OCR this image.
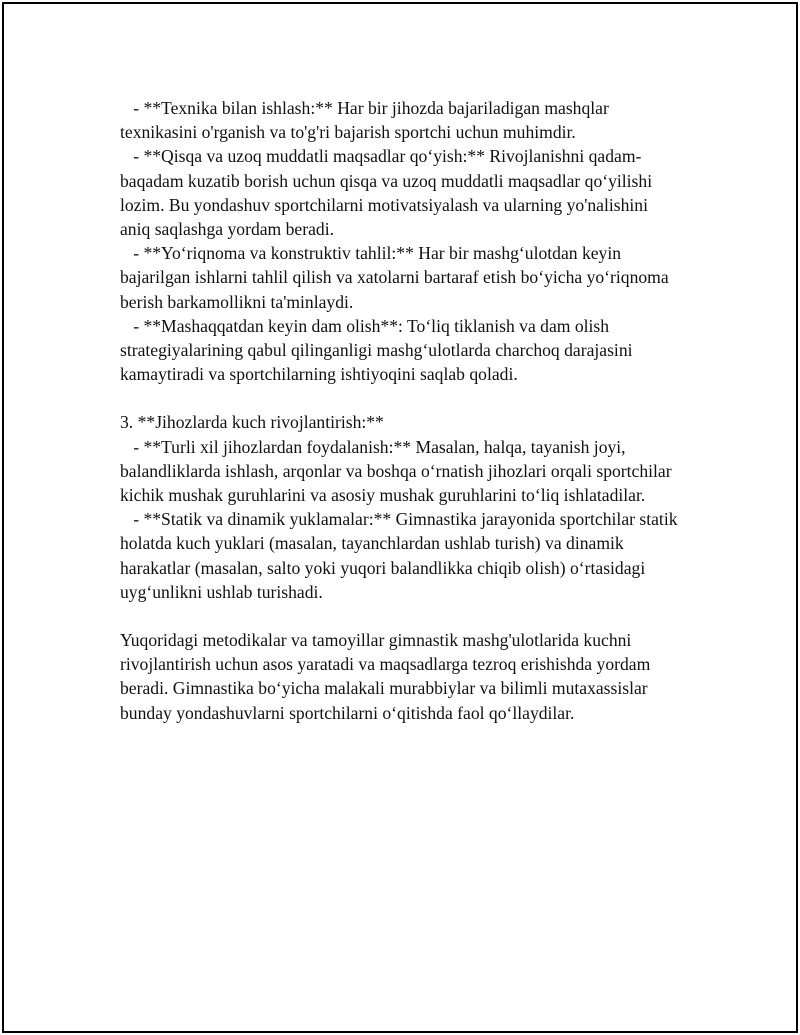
- **Texnika bilan ishlash:** Har bir jihozda bajariladigan mashqlar texnikasini o'rganish va to'g'ri bajarish sportchi uchun muhimdir.

- **Qisqa va uzoq muddatli maqsadlar qo‘yish:** Rivojlanishni qadam-baqadam kuzatib borish uchun qisqa va uzoq muddatli maqsadlar qo‘yilishi lozim. Bu yondashuv sportchilarni motivatsiyalash va ularning yo'nalishini aniq saqlashga yordam beradi.

- **Yo‘riqnoma va konstruktiv tahlil:** Har bir mashg‘ulotdan keyin bajarilgan ishlarni tahlil qilish va xatolarni bartaraf etish bo‘yicha yo‘riqnoma berish barkamollikni ta'minlaydi.

- **Mashaqqatdan keyin dam olish**: To‘liq tiklanish va dam olish strategiyalarining qabul qilinganligi mashg‘ulotlarda charchoq darajasini kamaytiradi va sportchilarning ishtiyoqini saqlab qoladi.

3. **Jihozlarda kuch rivojlantirish:**

- **Turli xil jihozlardan foydalanish:** Masalan, halqa, tayanish joyi, balandliklarda ishlash, arqonlar va boshqa o‘rnatish jihozlari orqali sportchilar kichik mushak guruhlarini va asosiy mushak guruhlarini to‘liq ishlatadilar.

- **Statik va dinamik yuklamalar:** Gimnastika jarayonida sportchilar statik holatda kuch yuklari (masalan, tayanchlardan ushlab turish) va dinamik harakatlar (masalan, salto yoki yuqori balandlikka chiqib olish) o‘rtasidagi uyg‘unlikni ushlab turishadi.

Yuqoridagi metodikalar va tamoyillar gimnastik mashg'ulotlarida kuchni rivojlantirish uchun asos yaratadi va maqsadlarga tezroq erishishda yordam beradi. Gimnastika bo‘yicha malakali murabbiylar va bilimli mutaxassislar bunday yondashuvlarni sportchilarni o‘qitishda faol qo‘llaydilar.
